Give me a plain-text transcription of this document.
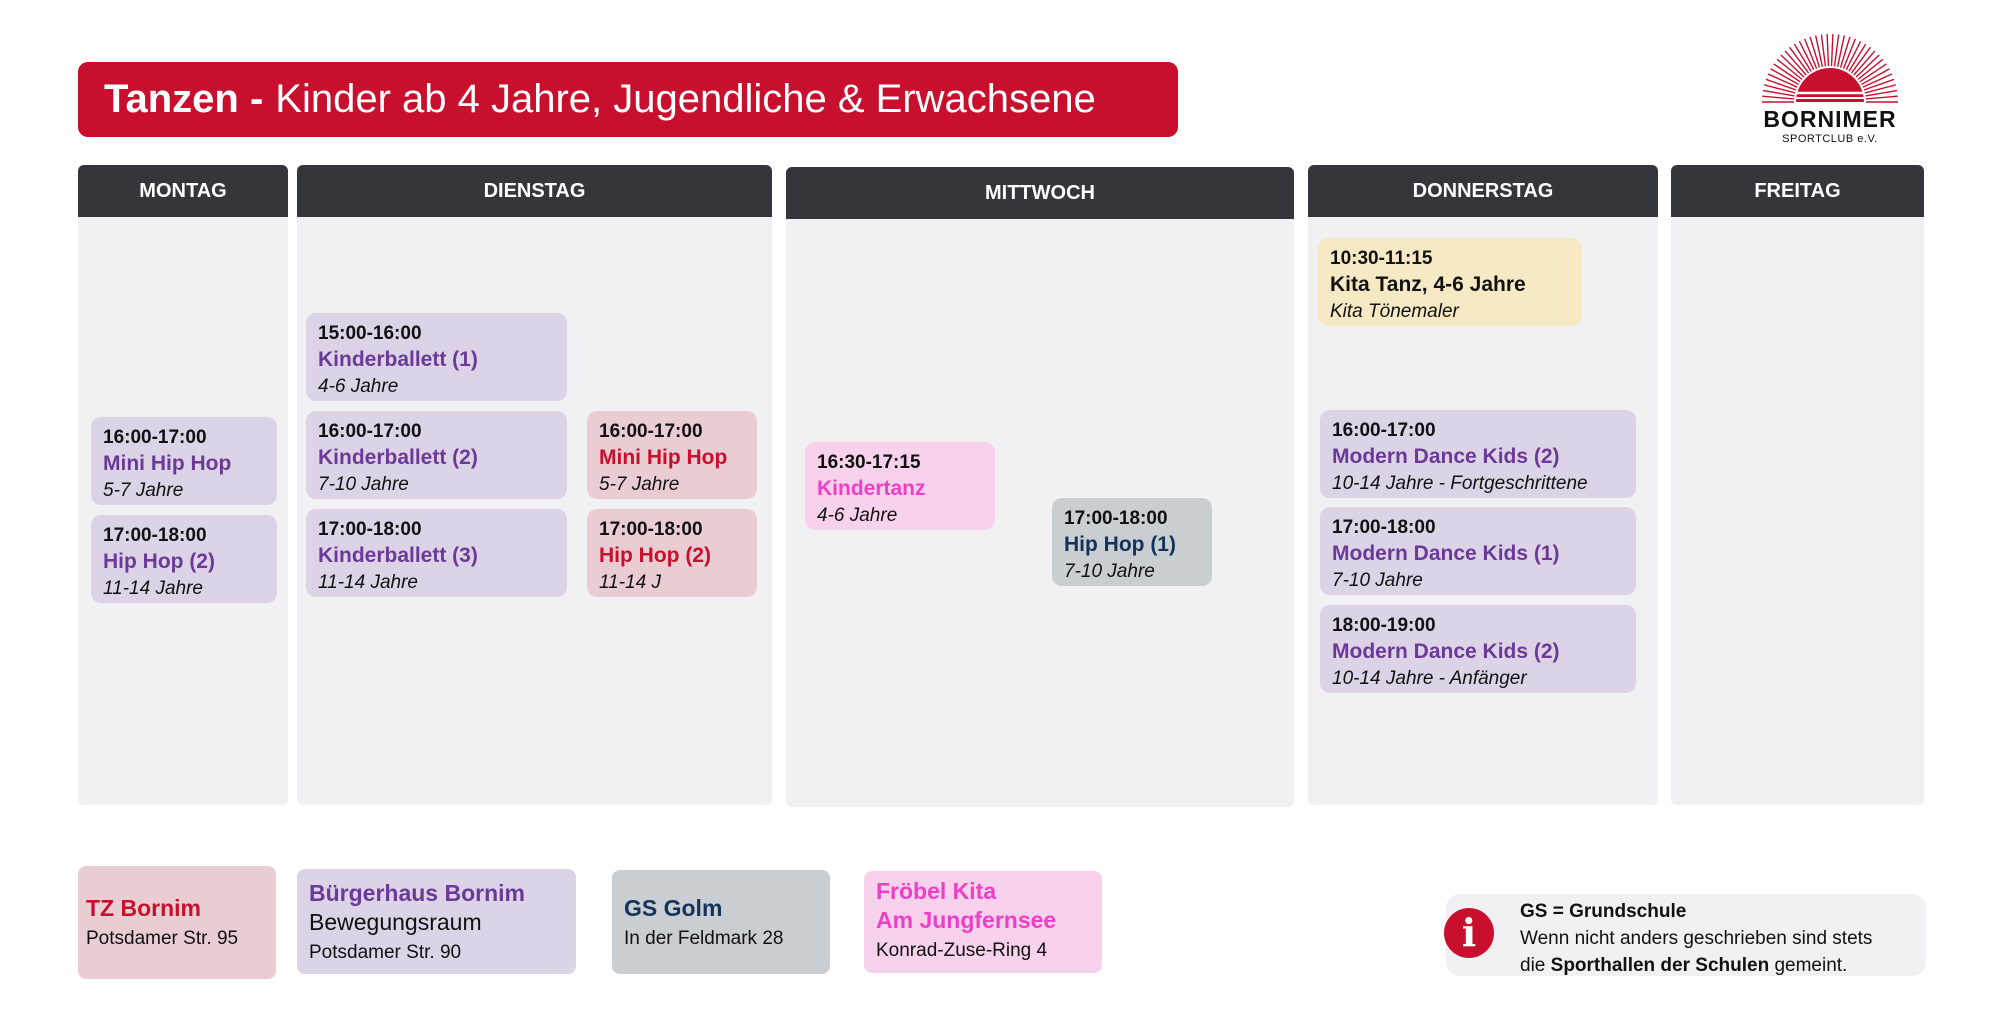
Tanzen - Kinder ab 4 Jahre, Jugendliche & Erwachsene	BORNIMER
SPORTCLUB e.V.
MONTAG
16:00-17:00
Mini Hip Hop
5-7 Jahre
17:00-18:00
Hip Hop (2)
11-14 Jahre
DIENSTAG
15:00-16:00
Kinderballett (1)
4-6 Jahre
16:00-17:00
Kinderballett (2)
7-10 Jahre
17:00-18:00
Kinderballett (3)
11-14 Jahre
16:00-17:00
Mini Hip Hop
5-7 Jahre
17:00-18:00
Hip Hop (2)
11-14 J
MITTWOCH
16:30-17:15
Kindertanz
4-6 Jahre	17:00-18:00
Hip Hop (1)
7-10 Jahre
DONNERSTAG
10:30-11:15
Kita Tanz, 4-6 Jahre
Kita Tönemaler
16:00-17:00
Modern Dance Kids (2)
10-14 Jahre - Fortgeschrittene
17:00-18:00
Modern Dance Kids (1)
7-10 Jahre
18:00-19:00
Modern Dance Kids (2)
10-14 Jahre - Anfänger
FREITAG
TZ Bornim
Potsdamer Str. 95
Bürgerhaus Bornim
Bewegungsraum
Potsdamer Str. 90
GS Golm
In der Feldmark 28
Fröbel Kita
Am Jungfernsee
Konrad-Zuse-Ring 4	i	GS = Grundschule
Wenn nicht anders geschrieben sind stets
die Sporthallen der Schulen gemeint.
